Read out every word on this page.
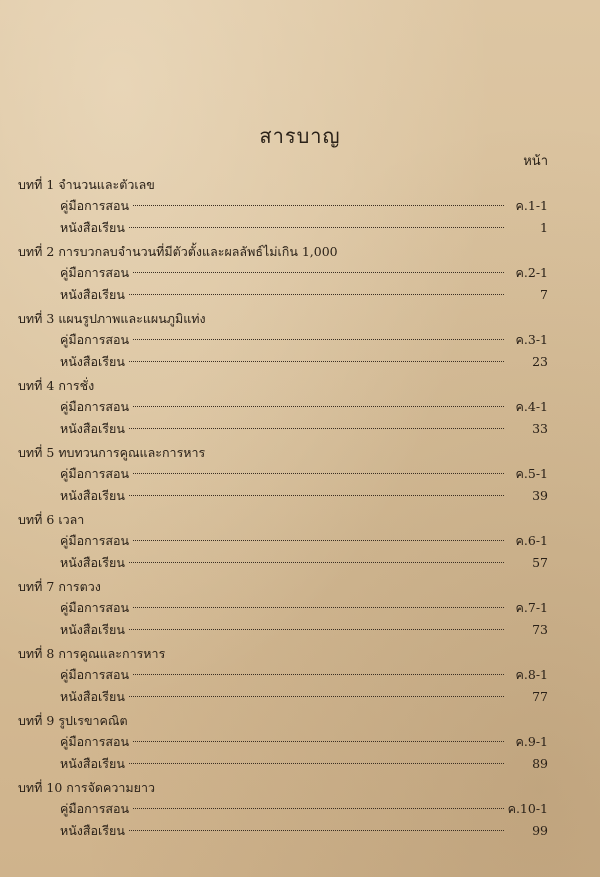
สารบาญ
หน้า
บทที่ 1 จำนวนและตัวเลข
คู่มือการสอน	ค.1-1
หนังสือเรียน	1
บทที่ 2 การบวกลบจำนวนที่มีตัวตั้งและผลลัพธ์ไม่เกิน 1,000
คู่มือการสอน	ค.2-1
หนังสือเรียน	7
บทที่ 3 แผนรูปภาพและแผนภูมิแท่ง
คู่มือการสอน	ค.3-1
หนังสือเรียน	23
บทที่ 4 การชั่ง
คู่มือการสอน	ค.4-1
หนังสือเรียน	33
บทที่ 5 ทบทวนการคูณและการหาร
คู่มือการสอน	ค.5-1
หนังสือเรียน	39
บทที่ 6 เวลา
คู่มือการสอน	ค.6-1
หนังสือเรียน	57
บทที่ 7 การตวง
คู่มือการสอน	ค.7-1
หนังสือเรียน	73
บทที่ 8 การคูณและการหาร
คู่มือการสอน	ค.8-1
หนังสือเรียน	77
บทที่ 9 รูปเรขาคณิต
คู่มือการสอน	ค.9-1
หนังสือเรียน	89
บทที่ 10 การจัดความยาว
คู่มือการสอน	ค.10-1
หนังสือเรียน	99
